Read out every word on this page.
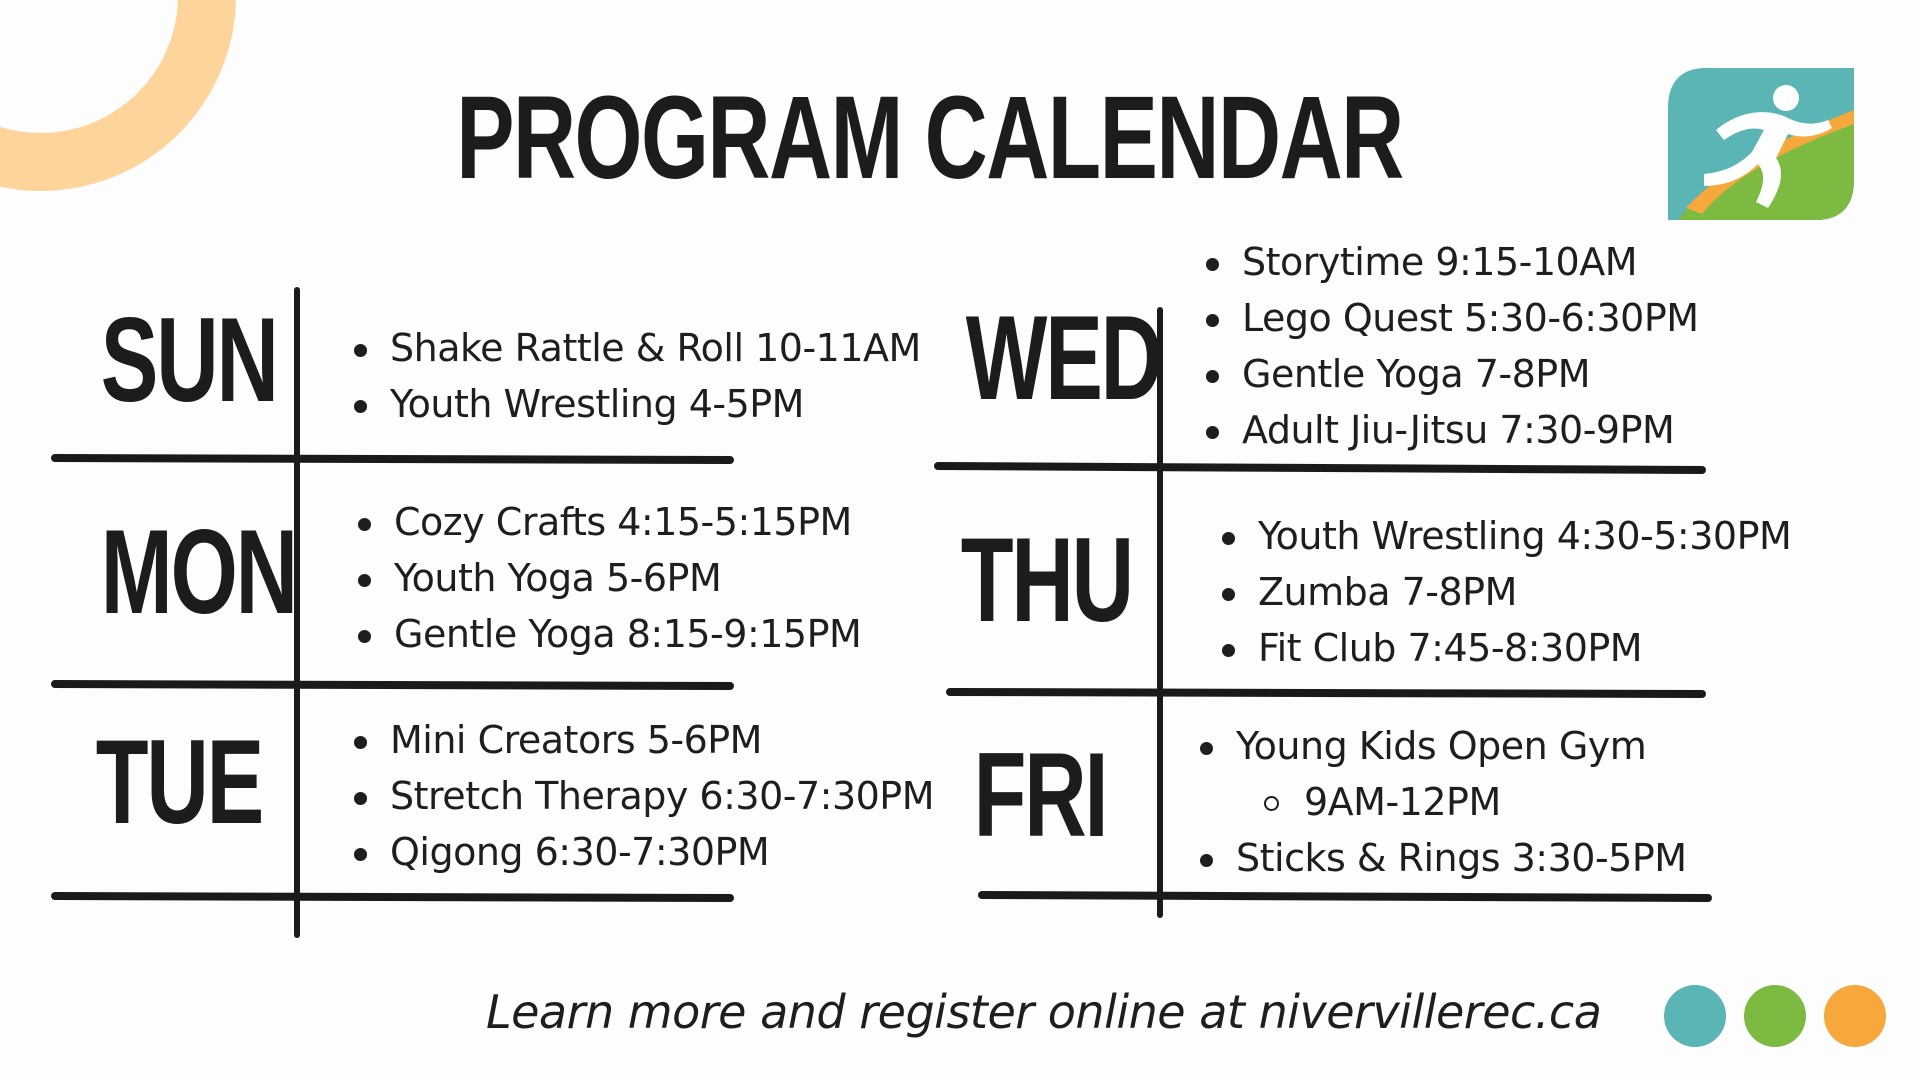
PROGRAM CALENDAR
SUN
MON
TUE
WED
THU
FRI
Shake Rattle & Roll 10-11AM
Youth Wrestling 4-5PM
Cozy Crafts 4:15-5:15PM
Youth Yoga 5-6PM
Gentle Yoga 8:15-9:15PM
Mini Creators 5-6PM
Stretch Therapy 6:30-7:30PM
Qigong 6:30-7:30PM
Storytime 9:15-10AM
Lego Quest 5:30-6:30PM
Gentle Yoga 7-8PM
Adult Jiu-Jitsu 7:30-9PM
Youth Wrestling 4:30-5:30PM
Zumba 7-8PM
Fit Club 7:45-8:30PM
Young Kids Open Gym
9AM-12PM
Sticks & Rings 3:30-5PM
Learn more and register online at nivervillerec.ca
